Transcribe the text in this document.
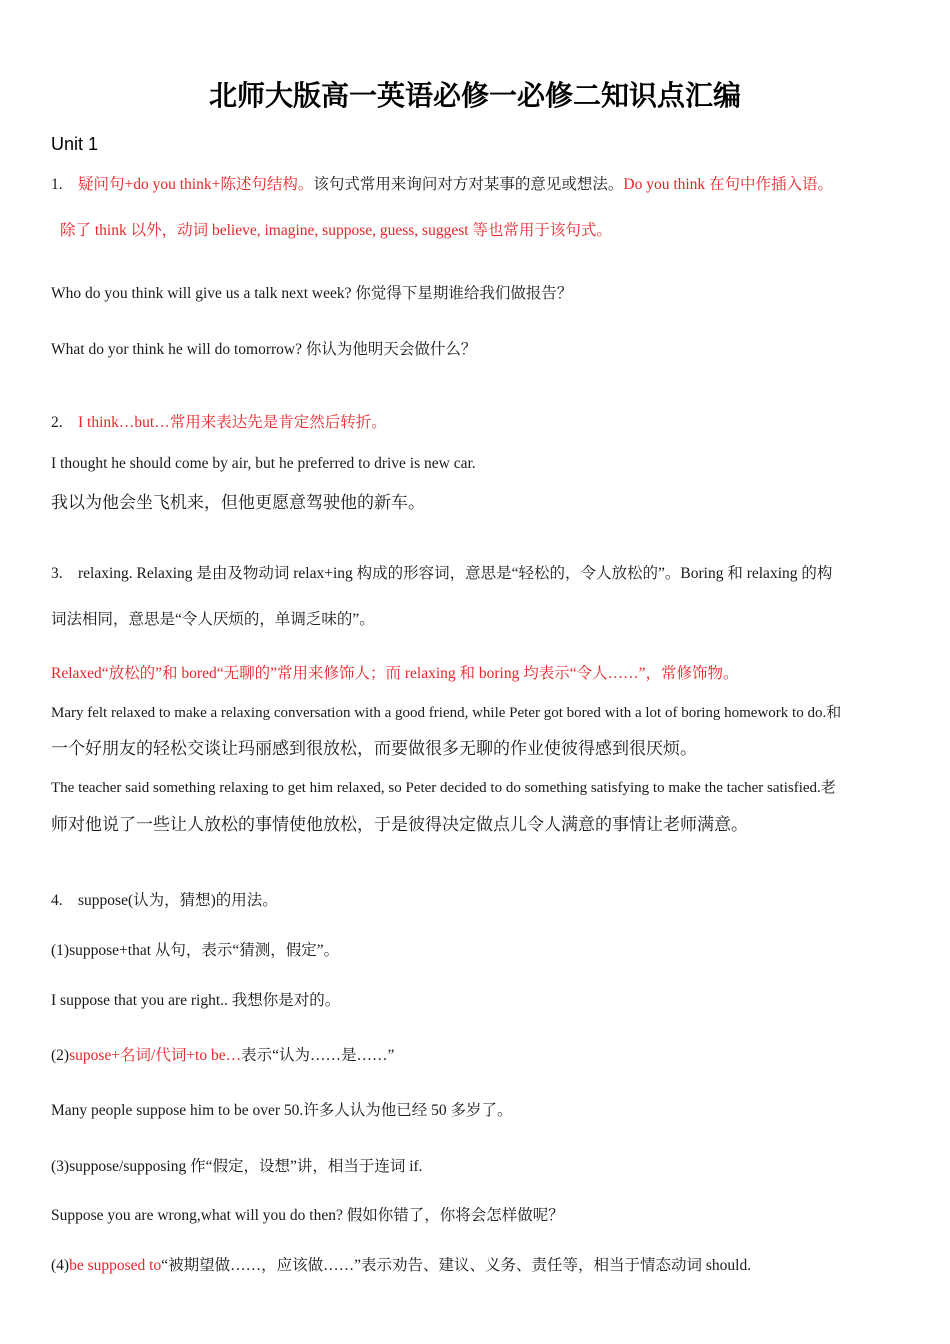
北师大版高一英语必修一必修二知识点汇编
Unit 1
1. 疑问句+do you think+陈述句结构。该句式常用来询问对方对某事的意见或想法。Do you think 在句中作插入语。
除了 think 以外，动词 believe, imagine, suppose, guess, suggest 等也常用于该句式。
Who do you think will give us a talk next week? 你觉得下星期谁给我们做报告？
What do yor think he will do tomorrow? 你认为他明天会做什么？
2. I think…but…常用来表达先是肯定然后转折。
I thought he should come by air, but he preferred to drive is new car.
我以为他会坐飞机来，但他更愿意驾驶他的新车。
3. relaxing. Relaxing 是由及物动词 relax+ing 构成的形容词，意思是“轻松的，令人放松的”。Boring 和 relaxing 的构
词法相同，意思是“令人厌烦的，单调乏味的”。
Relaxed“放松的”和 bored“无聊的”常用来修饰人；而 relaxing 和 boring 均表示“令人……”，常修饰物。
Mary felt relaxed to make a relaxing conversation with a good friend, while Peter got bored with a lot of boring homework to do.和
一个好朋友的轻松交谈让玛丽感到很放松，而要做很多无聊的作业使彼得感到很厌烦。
The teacher said something relaxing to get him relaxed, so Peter decided to do something satisfying to make the tacher satisfied.老
师对他说了一些让人放松的事情使他放松，于是彼得决定做点儿令人满意的事情让老师满意。
4. suppose(认为，猜想)的用法。
(1)suppose+that 从句，表示“猜测，假定”。
I suppose that you are right.. 我想你是对的。
(2)supose+名词/代词+to be…表示“认为……是……”
Many people suppose him to be over 50.许多人认为他已经 50 多岁了。
(3)suppose/supposing 作“假定，设想”讲，相当于连词 if.
Suppose you are wrong,what will you do then? 假如你错了，你将会怎样做呢？
(4)be supposed to“被期望做……，应该做……”表示劝告、建议、义务、责任等，相当于情态动词 should.
